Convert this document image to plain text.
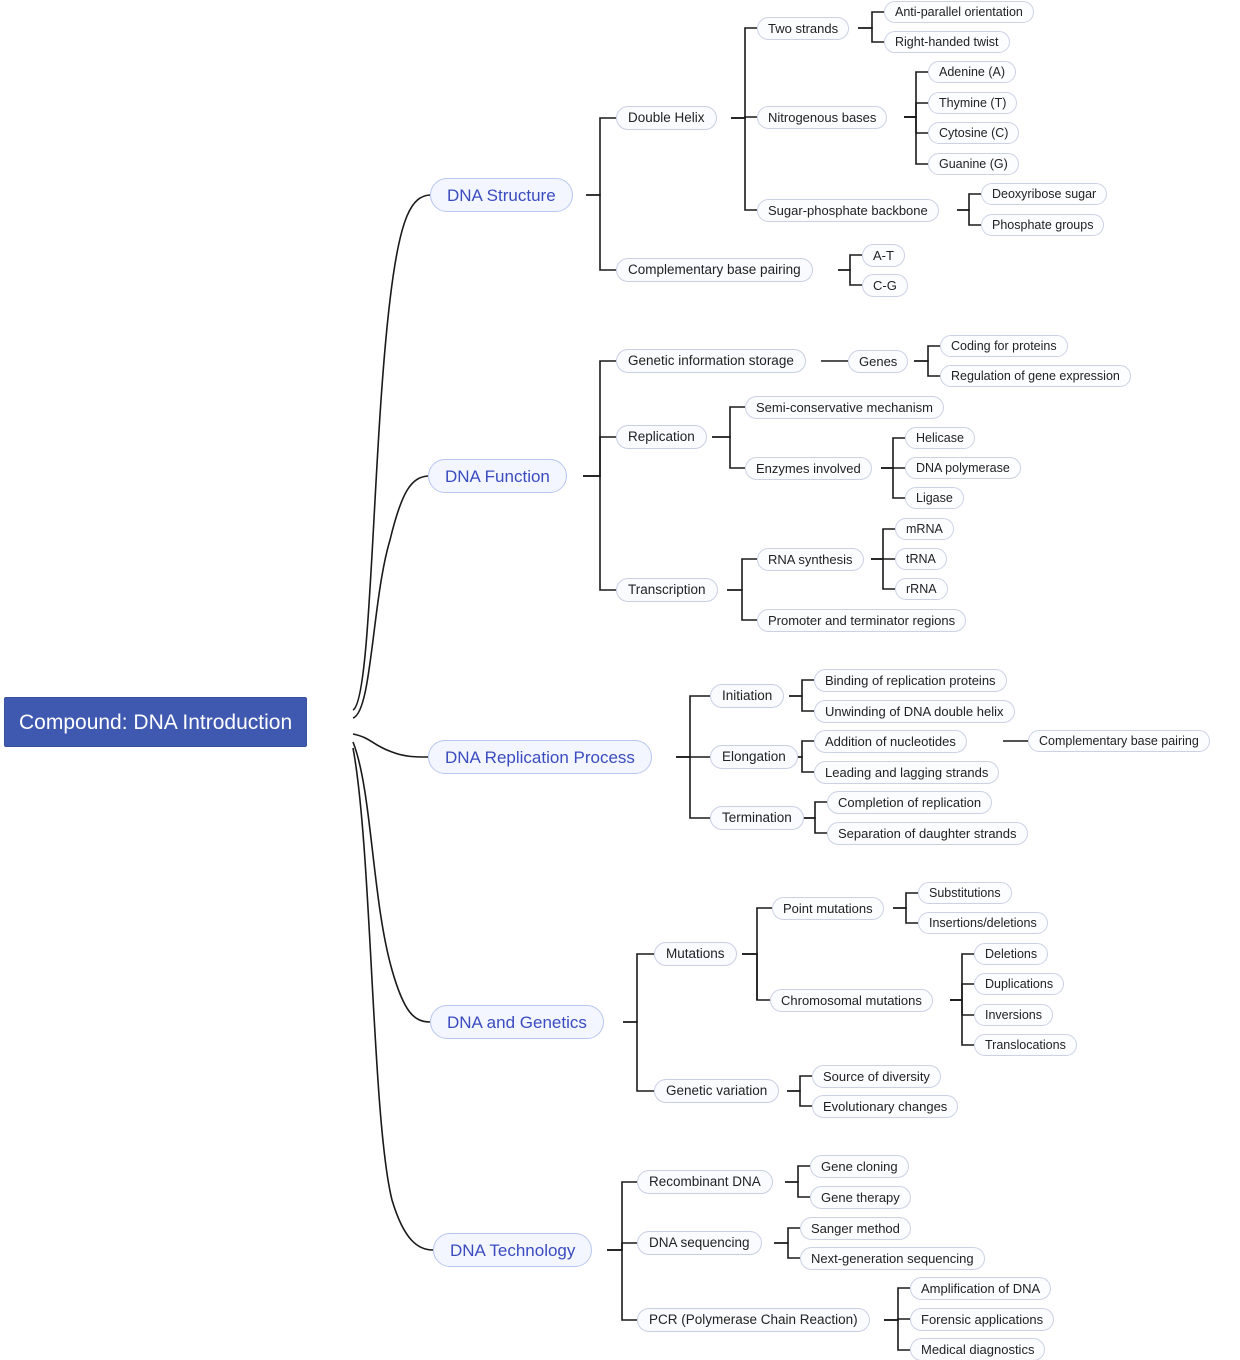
Compound: DNA Introduction
DNA Structure
Double Helix
Two strands
Anti-parallel orientation
Right-handed twist
Nitrogenous bases
Adenine (A)
Thymine (T)
Cytosine (C)
Guanine (G)
Sugar-phosphate backbone
Deoxyribose sugar
Phosphate groups
Complementary base pairing
A-T
C-G
DNA Function
Genetic information storage	Genes
Coding for proteins
Regulation of gene expression
Replication
Semi-conservative mechanism
Enzymes involved
Helicase
DNA polymerase
Ligase
Transcription
RNA synthesis
mRNA
tRNA
rRNA
Promoter and terminator regions
DNA Replication Process
Initiation
Binding of replication proteins
Unwinding of DNA double helix
Elongation
Addition of nucleotides	Complementary base pairing
Leading and lagging strands
Termination
Completion of replication
Separation of daughter strands
DNA and Genetics
Mutations
Point mutations
Substitutions
Insertions/deletions
Chromosomal mutations
Deletions
Duplications
Inversions
Translocations
Genetic variation
Source of diversity
Evolutionary changes
DNA Technology
Recombinant DNA
Gene cloning
Gene therapy
DNA sequencing
Sanger method
Next-generation sequencing
PCR (Polymerase Chain Reaction)
Amplification of DNA
Forensic applications
Medical diagnostics
